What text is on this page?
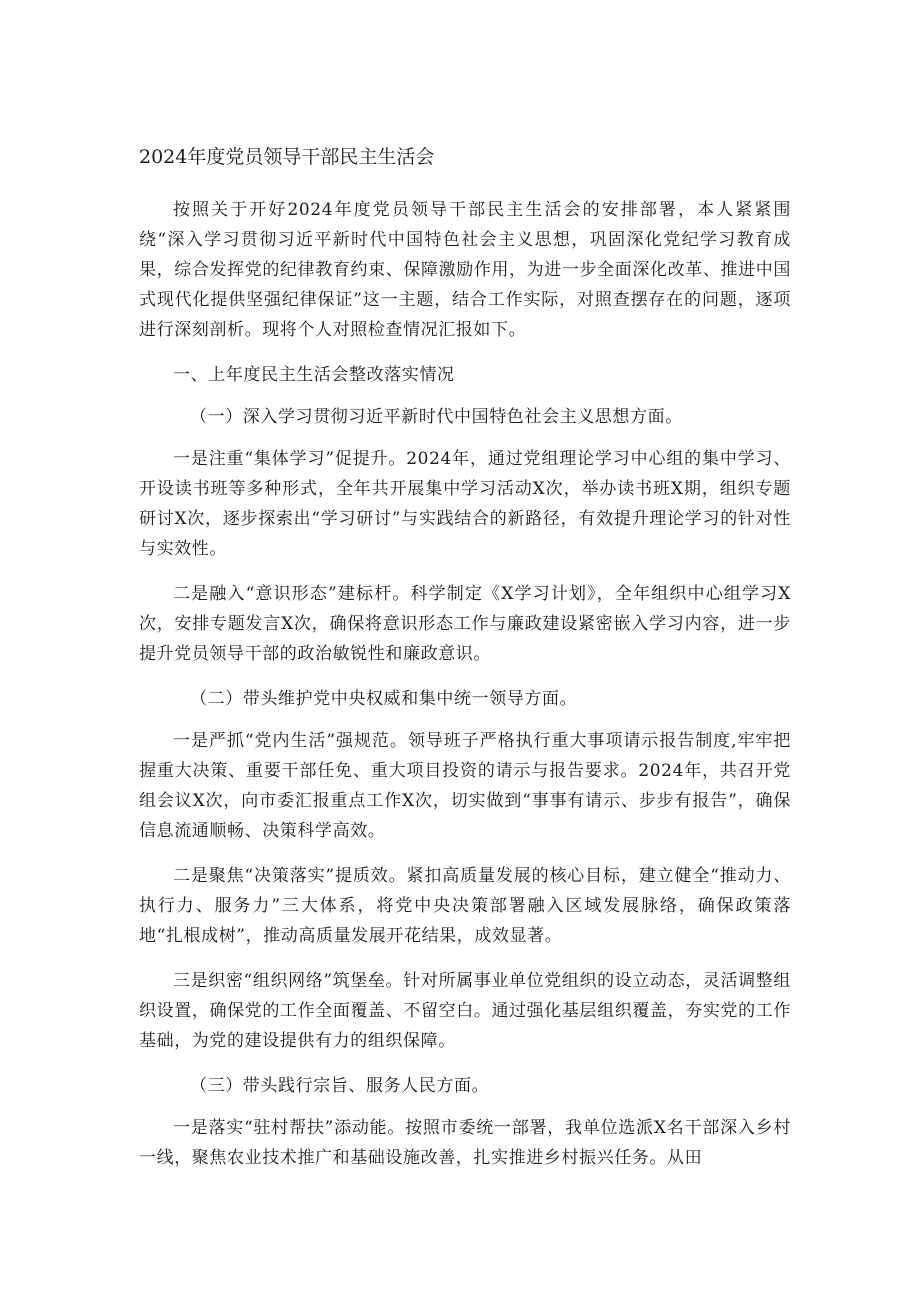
2024年度党员领导干部民主生活会

按照关于开好2024年度党员领导干部民主生活会的安排部署，本人紧紧围绕“深入学习贯彻习近平新时代中国特色社会主义思想，巩固深化党纪学习教育成果，综合发挥党的纪律教育约束、保障激励作用，为进一步全面深化改革、推进中国式现代化提供坚强纪律保证”这一主题，结合工作实际，对照查摆存在的问题，逐项进行深刻剖析。现将个人对照检查情况汇报如下。

一、上年度民主生活会整改落实情况

（一）深入学习贯彻习近平新时代中国特色社会主义思想方面。

一是注重“集体学习”促提升。2024年，通过党组理论学习中心组的集中学习、开设读书班等多种形式，全年共开展集中学习活动X次，举办读书班X期，组织专题研讨X次，逐步探索出“学习研讨”与实践结合的新路径，有效提升理论学习的针对性与实效性。

二是融入“意识形态”建标杆。科学制定《X学习计划》，全年组织中心组学习X次，安排专题发言X次，确保将意识形态工作与廉政建设紧密嵌入学习内容，进一步提升党员领导干部的政治敏锐性和廉政意识。

（二）带头维护党中央权威和集中统一领导方面。

一是严抓“党内生活”强规范。领导班子严格执行重大事项请示报告制度,牢牢把握重大决策、重要干部任免、重大项目投资的请示与报告要求。2024年，共召开党组会议X次，向市委汇报重点工作X次，切实做到“事事有请示、步步有报告”，确保信息流通顺畅、决策科学高效。

二是聚焦“决策落实”提质效。紧扣高质量发展的核心目标，建立健全“推动力、执行力、服务力”三大体系，将党中央决策部署融入区域发展脉络，确保政策落地“扎根成树”，推动高质量发展开花结果，成效显著。

三是织密“组织网络”筑堡垒。针对所属事业单位党组织的设立动态，灵活调整组织设置，确保党的工作全面覆盖、不留空白。通过强化基层组织覆盖，夯实党的工作基础，为党的建设提供有力的组织保障。

（三）带头践行宗旨、服务人民方面。

一是落实“驻村帮扶”添动能。按照市委统一部署，我单位选派X名干部深入乡村一线，聚焦农业技术推广和基础设施改善，扎实推进乡村振兴任务。从田
